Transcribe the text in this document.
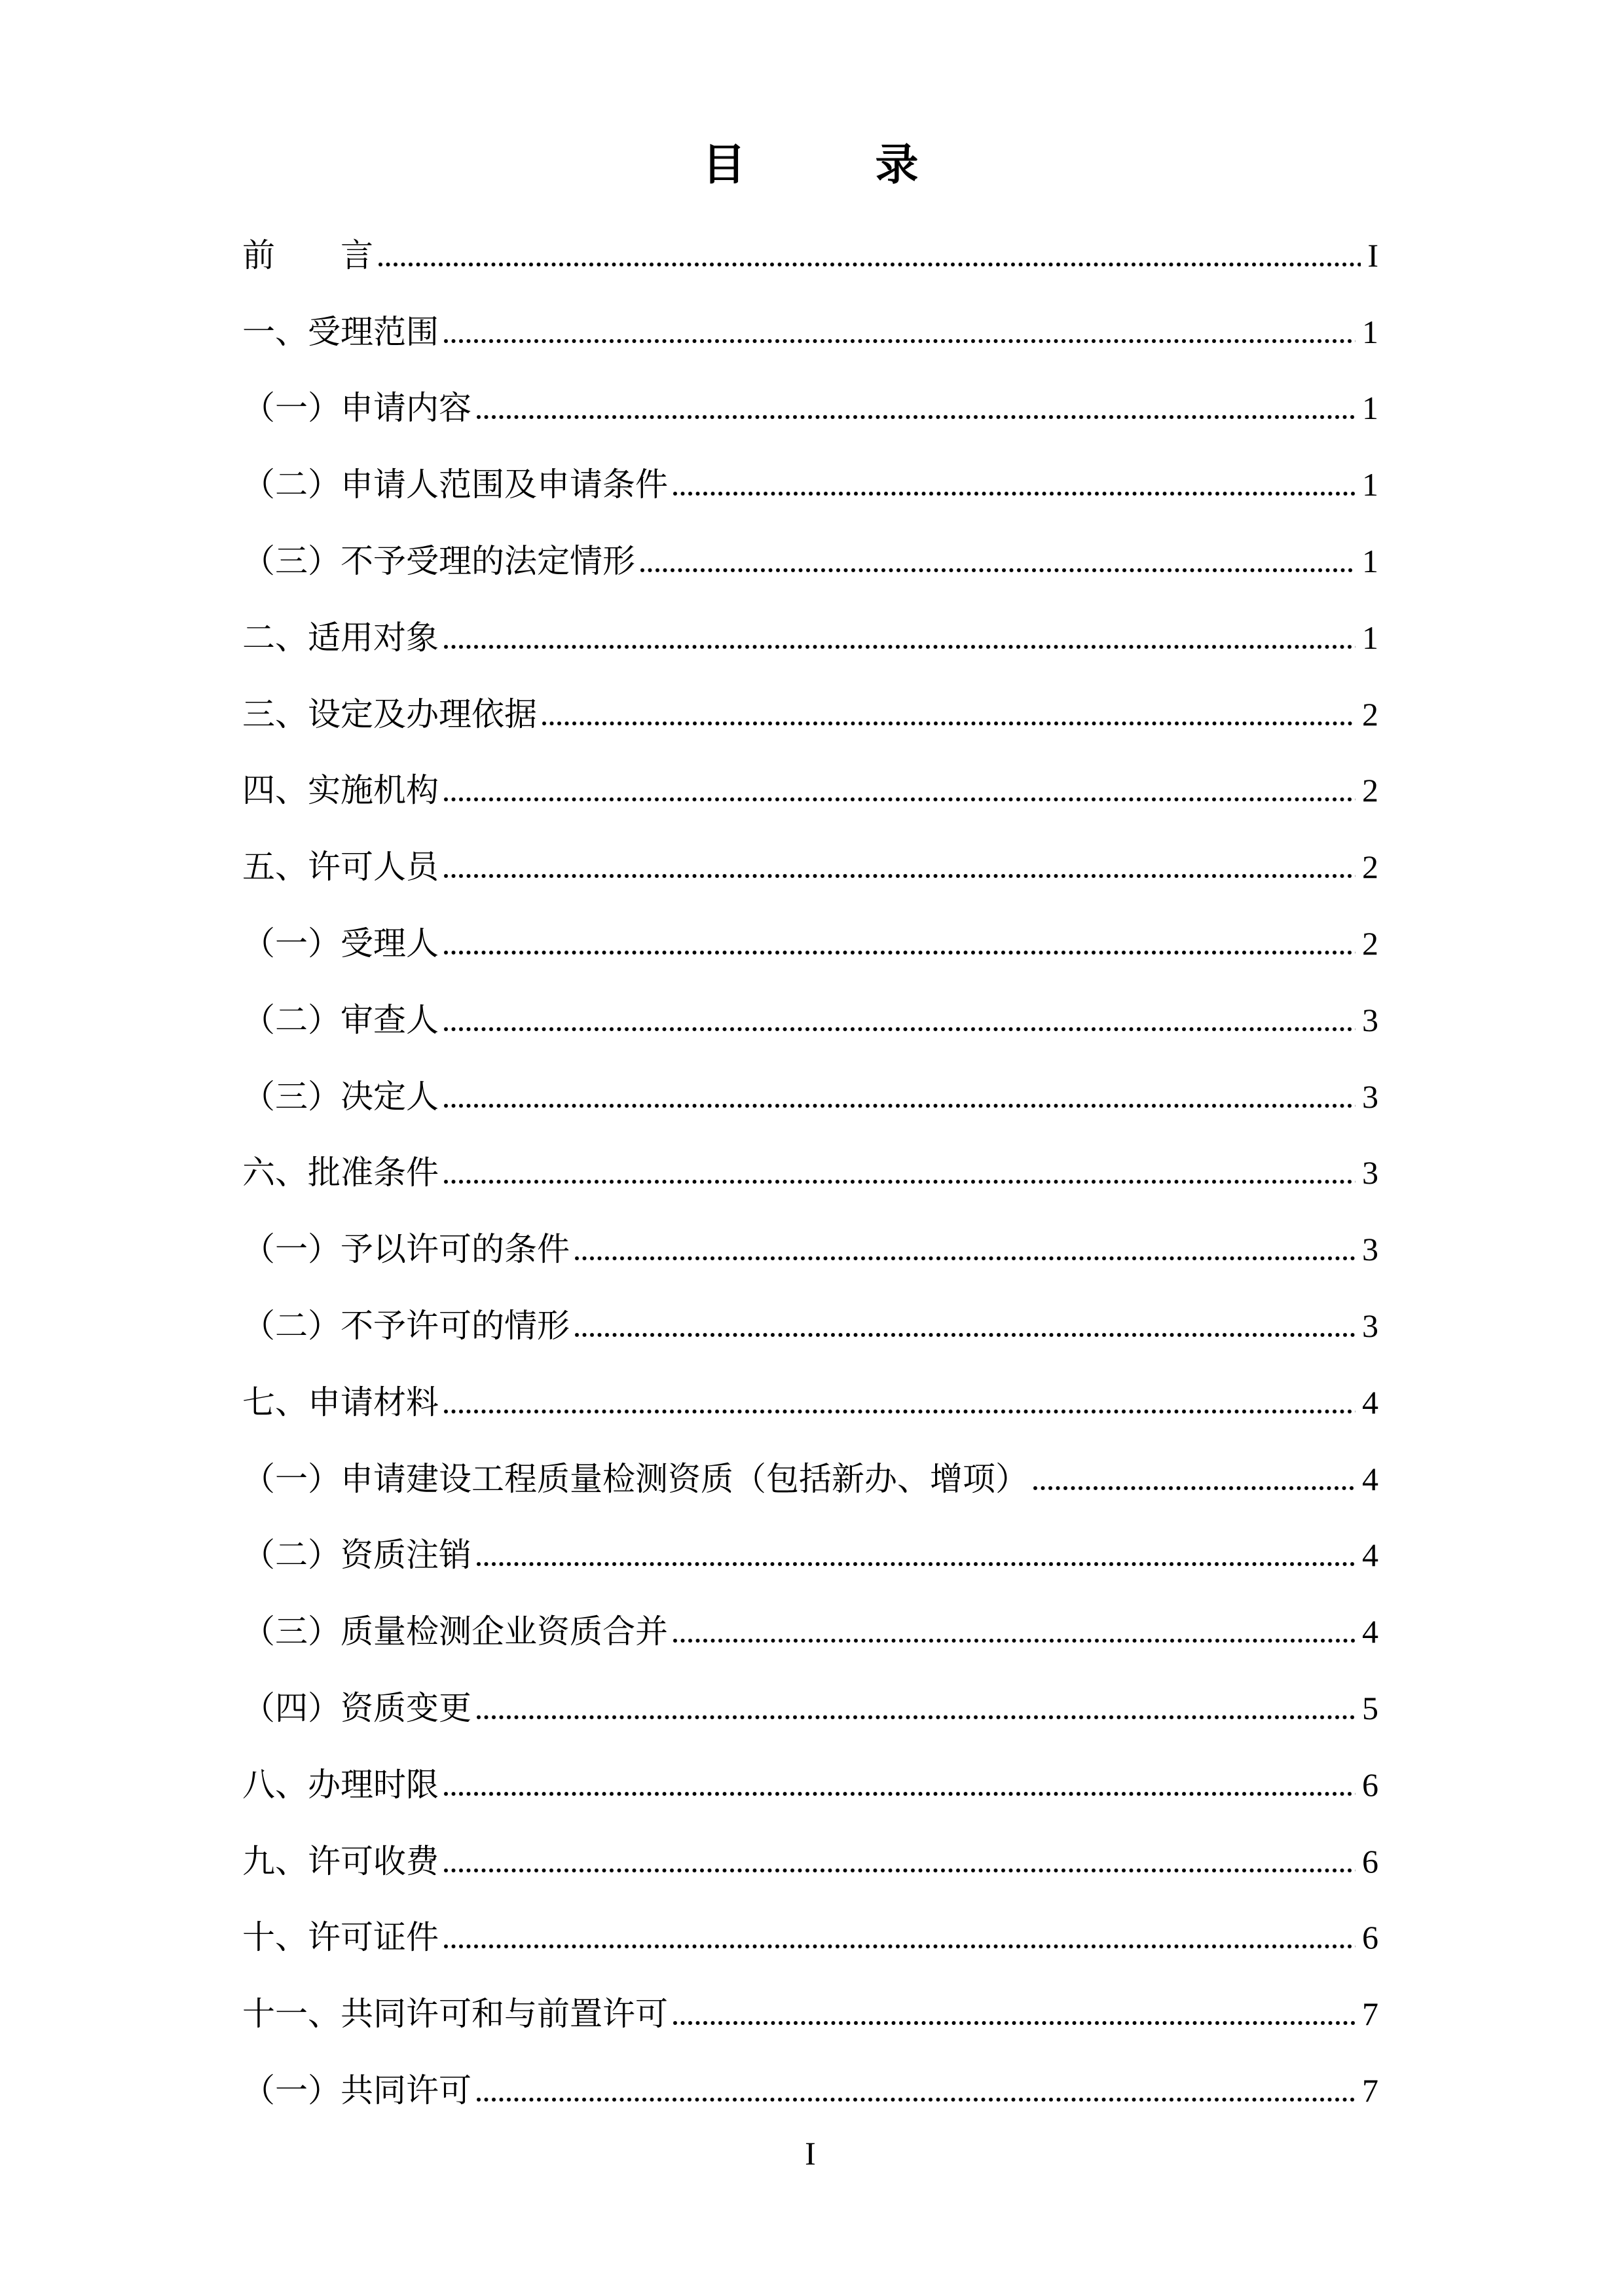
目　　　录
前　　言	I
一、受理范围	1
（一）申请内容	1
（二）申请人范围及申请条件	1
（三）不予受理的法定情形	1
二、适用对象	1
三、设定及办理依据	2
四、实施机构	2
五、许可人员	2
（一）受理人	2
（二）审查人	3
（三）决定人	3
六、批准条件	3
（一）予以许可的条件	3
（二）不予许可的情形	3
七、申请材料	4
（一）申请建设工程质量检测资质（包括新办、增项）	4
（二）资质注销	4
（三）质量检测企业资质合并	4
（四）资质变更	5
八、办理时限	6
九、许可收费	6
十、许可证件	6
十一、共同许可和与前置许可	7
（一）共同许可	7
I
